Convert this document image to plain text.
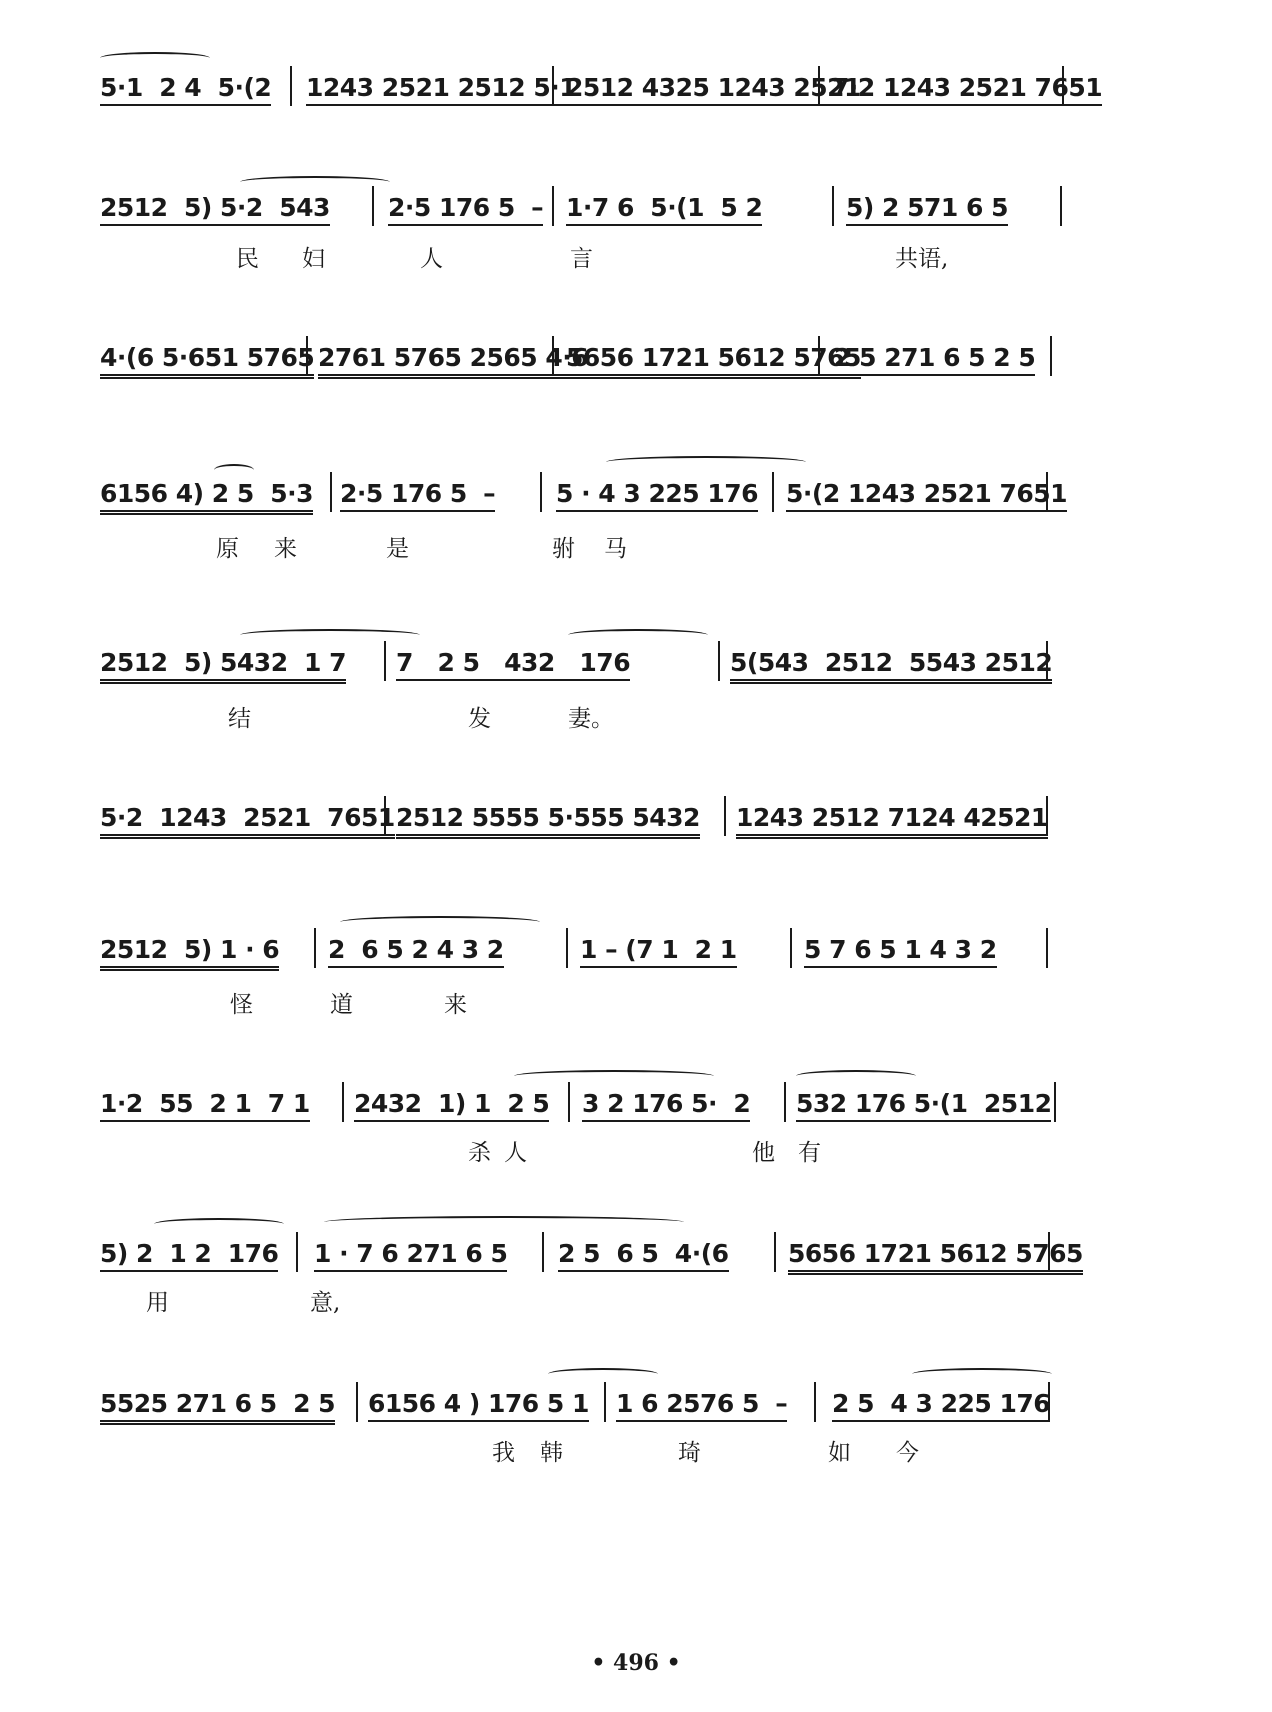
5·1  2 4  5·(2 1243 2521 2512 5·1
2512 4325 1243 2521
7·2 1243 2521 7651
2512  5) 5·2  543 2·5 176 5  – 1·7 6  5·(1  5 2	5) 2 571 6 5
民 妇	人	言	共语,
4·(6 5·651 5765 2761 5765 2565 4·6
5656 1721 5612 5765
2 5 271 6 5 2 5
6156 4) 2 5  5·3 2·5 176 5  – 5 · 4 3 225 176 5·(2 1243 2521 7651
原 来	是	驸 马
2512  5) 5432  1 7 7   2 5   432   176	5(543  2512  5543 2512
结	发	妻。
5·2  1243  2521  7651 2512 5555 5·555 5432 1243 2512 7124 42521
2512  5) 1 · 6 2  6 5 2 4 3 2	1 – (7 1  2 1	5 7 6 5 1 4 3 2
怪	道	来
1·2  55  2 1  7 1 2432  1) 1  2 5 3 2 176 5·  2 532 176 5·(1  2512
杀 人	他 有
5) 2  1 2  176 1 · 7 6 271 6 5 2 5  6 5  4·(6 5656 1721 5612 5765
用	意,
5525 271 6 5  2 5 6156 4 ) 176 5 1 1 6 2576 5  – 2 5  4 3 225 176
我 韩	琦	如 今
• 496 •
